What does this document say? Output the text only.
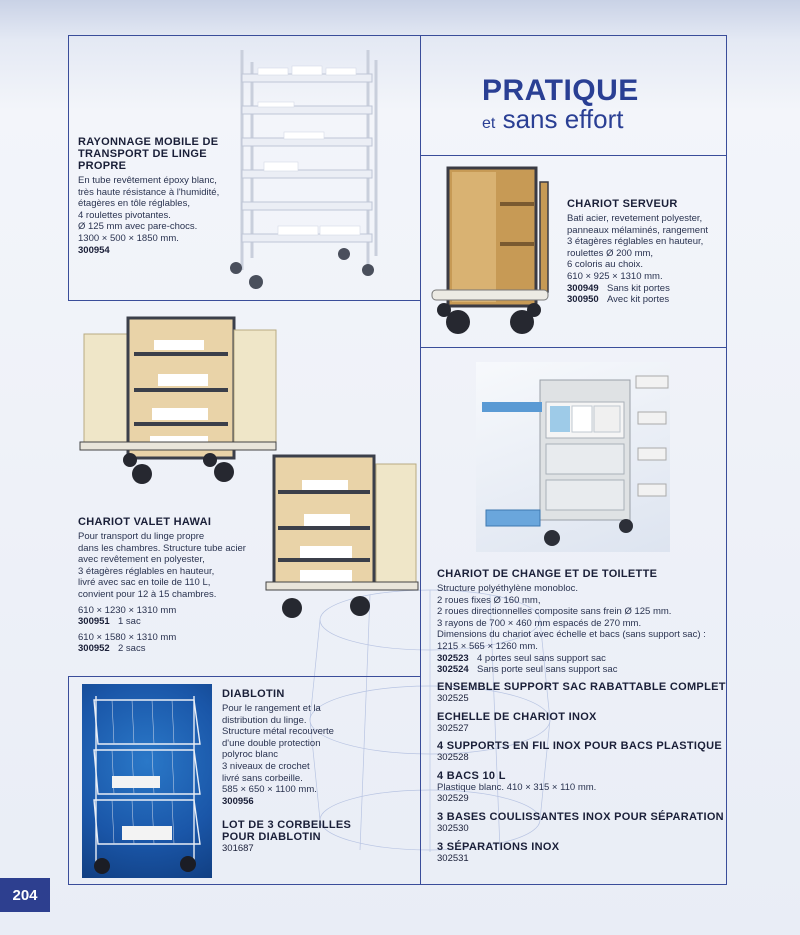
PRATIQUE
et sans effort
RAYONNAGE MOBILE DE TRANSPORT DE LINGE PROPRE
En tube revêtement époxy blanc,
très haute résistance à l'humidité,
étagères en tôle réglables,
4 roulettes pivotantes.
Ø 125 mm avec pare-chocs.
1300 × 500 × 1850 mm.
300954
CHARIOT SERVEUR
Bati acier, revetement polyester,
panneaux mélaminés, rangement
3 étagères réglables en hauteur,
roulettes Ø 200 mm,
6 coloris au choix.
610 × 925 × 1310 mm.
300949 Sans kit portes
300950 Avec kit portes
CHARIOT VALET HAWAI
Pour transport du linge propre
dans les chambres. Structure tube acier
avec revêtement en polyester,
3 étagères réglables en hauteur,
livré avec sac en toile de 110 L,
convient pour 12 à 15 chambres.
610 × 1230 × 1310 mm
300951 1 sac
610 × 1580 × 1310 mm
300952 2 sacs
CHARIOT DE CHANGE ET DE TOILETTE
Structure polyéthylène monobloc.
2 roues fixes Ø 160 mm,
2 roues directionnelles composite sans frein Ø 125 mm.
3 rayons de 700 × 460 mm espacés de 270 mm.
Dimensions du chariot avec échelle et bacs (sans support sac) :
1215 × 565 × 1260 mm.
302523 4 portes seul sans support sac
302524 Sans porte seul sans support sac
ENSEMBLE SUPPORT SAC RABATTABLE COMPLET
302525
ECHELLE DE CHARIOT INOX
302527
4 SUPPORTS EN FIL INOX POUR BACS PLASTIQUE
302528
4 BACS 10 L
Plastique blanc. 410 × 315 × 110 mm.
302529
3 BASES COULISSANTES INOX POUR SÉPARATION
302530
3 SÉPARATIONS INOX
302531
DIABLOTIN
Pour le rangement et la
distribution du linge.
Structure métal recouverte
d'une double protection
polyroc blanc
3 niveaux de crochet
livré sans corbeille.
585 × 650 × 1100 mm.
300956
LOT DE 3 CORBEILLES
POUR DIABLOTIN
301687
204
